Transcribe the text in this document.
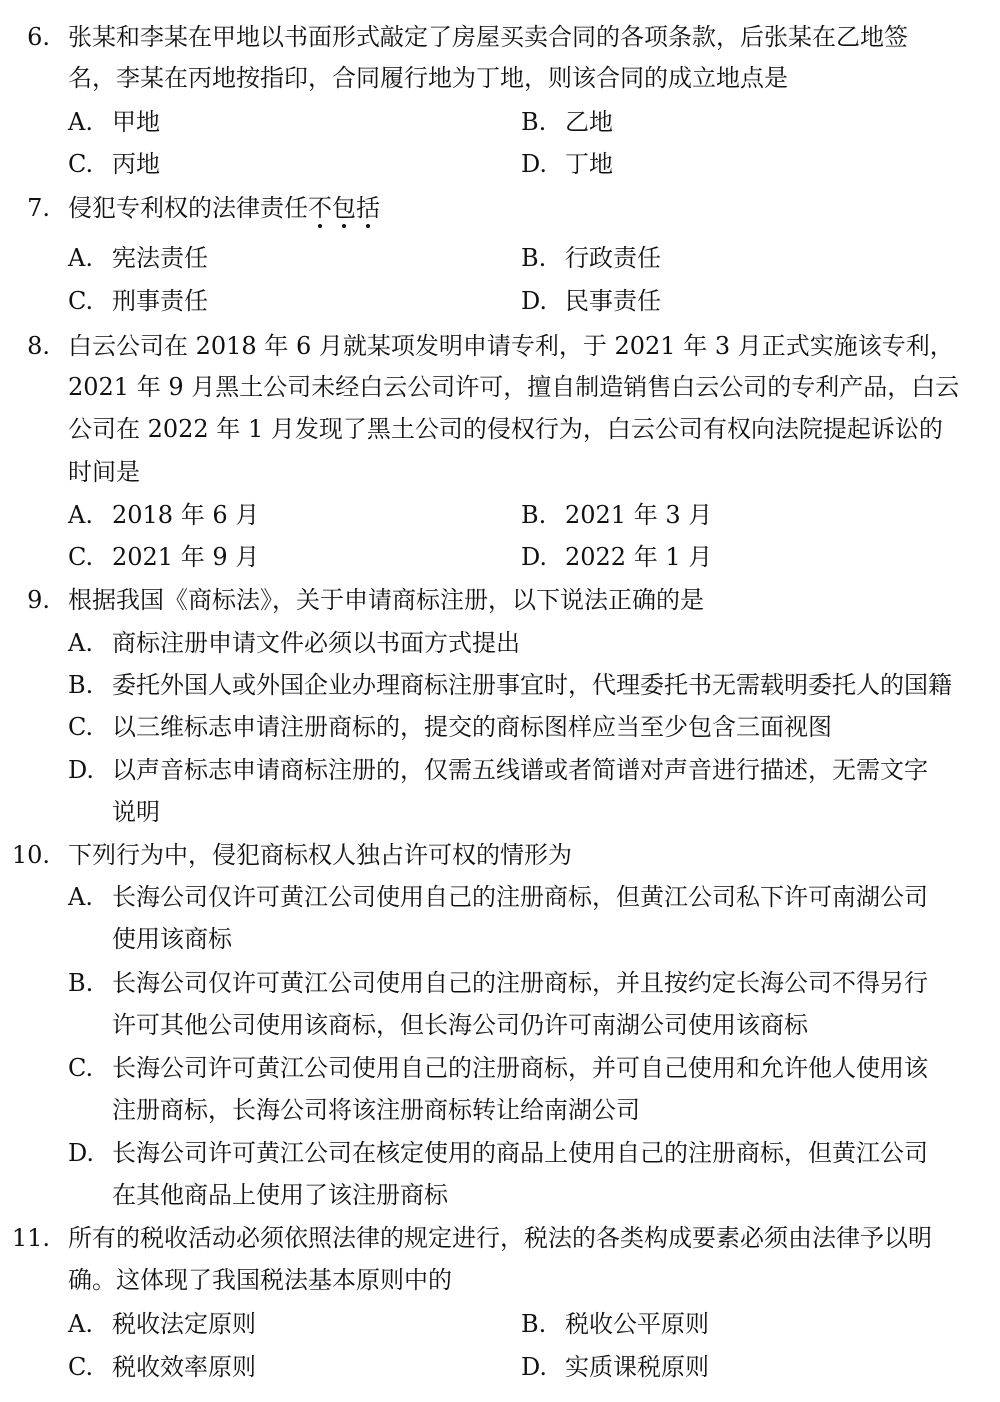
6. 张某和李某在甲地以书面形式敲定了房屋买卖合同的各项条款，后张某在乙地签
名，李某在丙地按指印，合同履行地为丁地，则该合同的成立地点是
A. 甲地	B. 乙地
C. 丙地	D. 丁地
7. 侵犯专利权的法律责任不包括
A. 宪法责任	B. 行政责任
C. 刑事责任	D. 民事责任
8. 白云公司在 2018 年 6 月就某项发明申请专利，于 2021 年 3 月正式实施该专利，
2021 年 9 月黑土公司未经白云公司许可，擅自制造销售白云公司的专利产品，白云
公司在 2022 年 1 月发现了黑土公司的侵权行为，白云公司有权向法院提起诉讼的
时间是
A. 2018 年 6 月	B. 2021 年 3 月
C. 2021 年 9 月	D. 2022 年 1 月
9. 根据我国《商标法》，关于申请商标注册，以下说法正确的是
A. 商标注册申请文件必须以书面方式提出
B. 委托外国人或外国企业办理商标注册事宜时，代理委托书无需载明委托人的国籍
C. 以三维标志申请注册商标的，提交的商标图样应当至少包含三面视图
D. 以声音标志申请商标注册的，仅需五线谱或者简谱对声音进行描述，无需文字
说明
10. 下列行为中，侵犯商标权人独占许可权的情形为
A. 长海公司仅许可黄江公司使用自己的注册商标，但黄江公司私下许可南湖公司
使用该商标
B. 长海公司仅许可黄江公司使用自己的注册商标，并且按约定长海公司不得另行
许可其他公司使用该商标，但长海公司仍许可南湖公司使用该商标
C. 长海公司许可黄江公司使用自己的注册商标，并可自己使用和允许他人使用该
注册商标，长海公司将该注册商标转让给南湖公司
D. 长海公司许可黄江公司在核定使用的商品上使用自己的注册商标，但黄江公司
在其他商品上使用了该注册商标
11. 所有的税收活动必须依照法律的规定进行，税法的各类构成要素必须由法律予以明
确。这体现了我国税法基本原则中的
A. 税收法定原则	B. 税收公平原则
C. 税收效率原则	D. 实质课税原则
